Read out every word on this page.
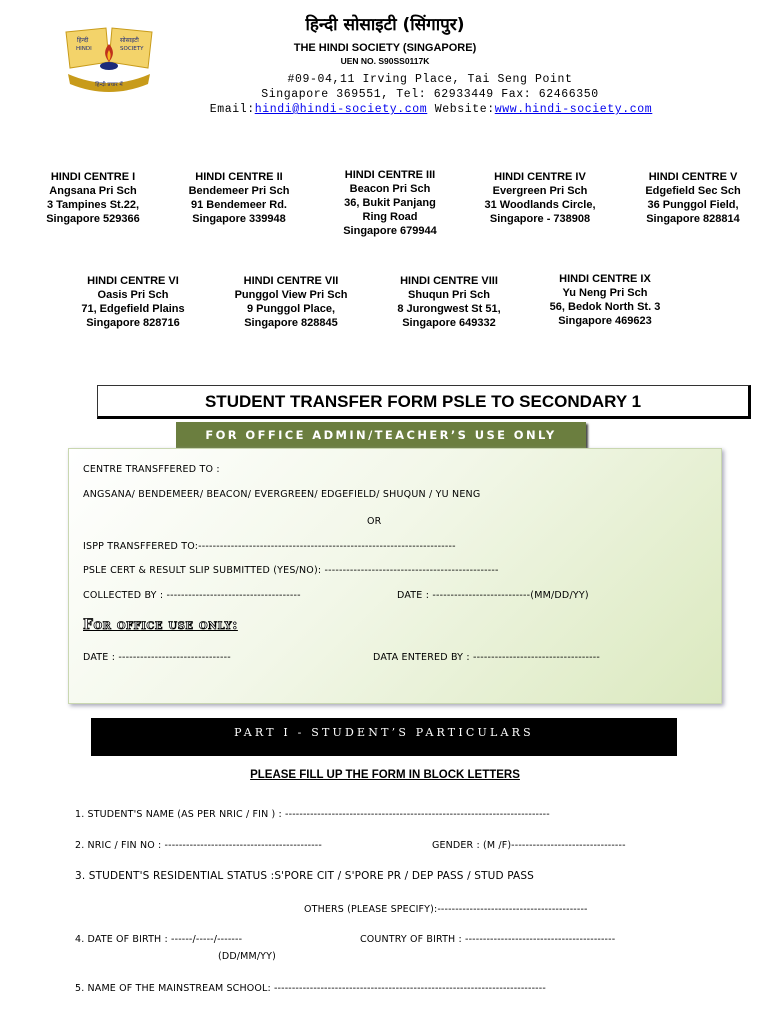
हिन्दी
HINDI
सोसाइटी
SOCIETY
हिन्दी प्रचार में
हिन्दी सोसाइटी (सिंगापुर)
THE HINDI SOCIETY (SINGAPORE)
UEN NO. S90SS0117K
#09-04,11 Irving Place, Tai Seng Point
Singapore 369551, Tel: 62933449 Fax: 62466350
Email:hindi@hindi-society.com Website:www.hindi-society.com
HINDI CENTRE I
Angsana Pri Sch
3 Tampines St.22,
Singapore 529366
HINDI CENTRE II
Bendemeer Pri Sch
91 Bendemeer Rd.
Singapore 339948
HINDI CENTRE III
Beacon Pri Sch
36, Bukit Panjang
Ring Road
Singapore 679944
HINDI CENTRE IV
Evergreen Pri Sch
31 Woodlands Circle,
Singapore - 738908
HINDI CENTRE V
Edgefield Sec Sch
36 Punggol Field,
Singapore 828814
HINDI CENTRE VI
Oasis Pri Sch
71, Edgefield Plains
Singapore 828716
HINDI CENTRE VII
Punggol View Pri Sch
9 Punggol Place,
Singapore 828845
HINDI CENTRE VIII
Shuqun Pri Sch
8 Jurongwest St 51,
Singapore 649332
HINDI CENTRE IX
Yu Neng Pri Sch
56, Bedok North St. 3
Singapore 469623
STUDENT TRANSFER FORM PSLE TO SECONDARY 1
FOR OFFICE ADMIN/TEACHER’S USE ONLY
CENTRE TRANSFFERED TO :
ANGSANA/ BENDEMEER/ BEACON/ EVERGREEN/ EDGEFIELD/ SHUQUN / YU NENG
OR
ISPP TRANSFFERED TO:-----------------------------------------------------------------------
PSLE CERT & RESULT SLIP SUBMITTED (YES/NO): ------------------------------------------------
COLLECTED BY : -------------------------------------	DATE : ---------------------------(MM/DD/YY)
For office use only:
DATE : -------------------------------	DATA ENTERED BY : -----------------------------------
PART I - STUDENT’S PARTICULARS
PLEASE FILL UP THE FORM IN BLOCK LETTERS
1. STUDENT'S NAME (AS PER NRIC / FIN ) : --------------------------------------------------------------------------
2. NRIC / FIN NO : --------------------------------------------	GENDER : (M /F)--------------------------------
3. STUDENT'S RESIDENTIAL STATUS :S'PORE CIT / S'PORE PR / DEP PASS / STUD PASS
OTHERS (PLEASE SPECIFY):------------------------------------------
4. DATE OF BIRTH : ------/-----/-------	COUNTRY OF BIRTH : ------------------------------------------
(DD/MM/YY)
5. NAME OF THE MAINSTREAM SCHOOL: ----------------------------------------------------------------------------
